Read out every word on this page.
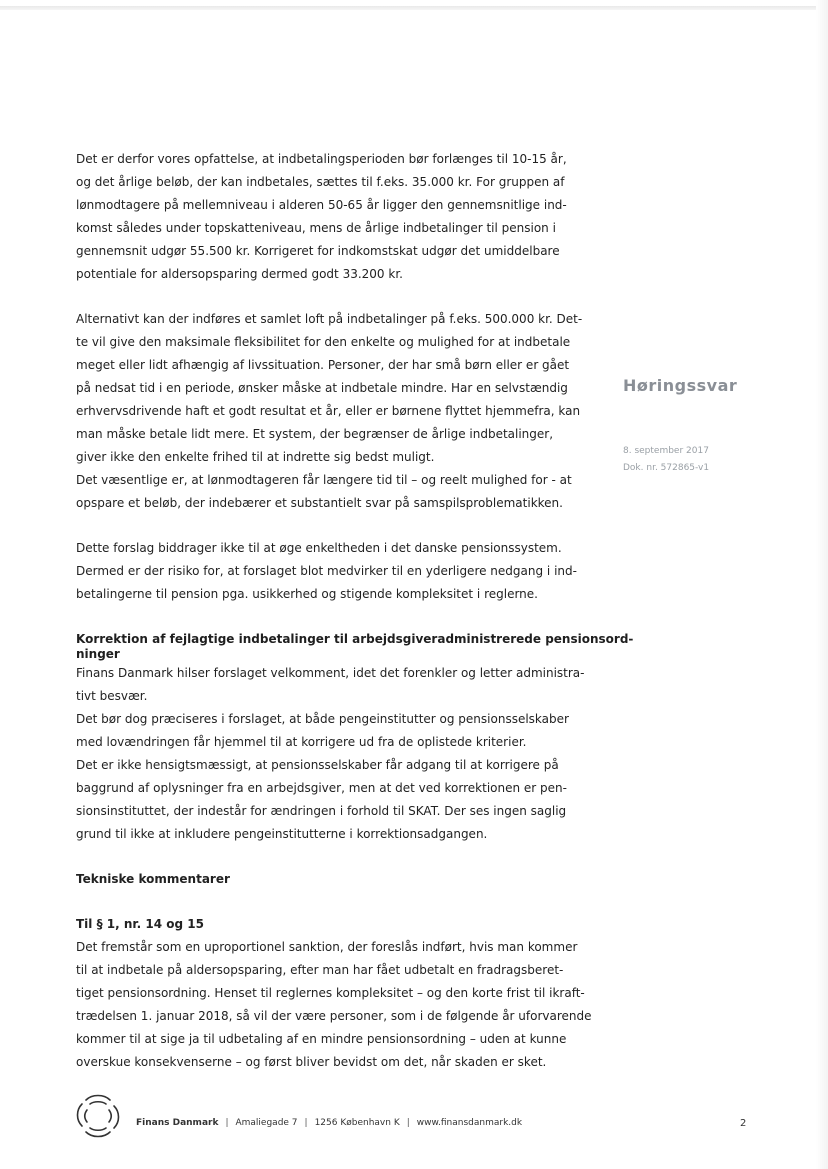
Det er derfor vores opfattelse, at indbetalingsperioden bør forlænges til 10-15 år,
og det årlige beløb, der kan indbetales, sættes til f.eks. 35.000 kr. For gruppen af
lønmodtagere på mellemniveau i alderen 50-65 år ligger den gennemsnitlige ind-
komst således under topskatteniveau, mens de årlige indbetalinger til pension i
gennemsnit udgør 55.500 kr. Korrigeret for indkomstskat udgør det umiddelbare
potentiale for aldersopsparing dermed godt 33.200 kr.
Alternativt kan der indføres et samlet loft på indbetalinger på f.eks. 500.000 kr. Det-
te vil give den maksimale fleksibilitet for den enkelte og mulighed for at indbetale
meget eller lidt afhængig af livssituation. Personer, der har små børn eller er gået
på nedsat tid i en periode, ønsker måske at indbetale mindre. Har en selvstændig
erhvervsdrivende haft et godt resultat et år, eller er børnene flyttet hjemmefra, kan
man måske betale lidt mere. Et system, der begrænser de årlige indbetalinger,
giver ikke den enkelte frihed til at indrette sig bedst muligt.
Det væsentlige er, at lønmodtageren får længere tid til – og reelt mulighed for - at
opspare et beløb, der indebærer et substantielt svar på samspilsproblematikken.
Dette forslag biddrager ikke til at øge enkeltheden i det danske pensionssystem.
Dermed er der risiko for, at forslaget blot medvirker til en yderligere nedgang i ind-
betalingerne til pension pga. usikkerhed og stigende kompleksitet i reglerne.
Korrektion af fejlagtige indbetalinger til arbejdsgiveradministrerede pensionsord-
ninger
Finans Danmark hilser forslaget velkomment, idet det forenkler og letter administra-
tivt besvær.
Det bør dog præciseres i forslaget, at både pengeinstitutter og pensionsselskaber
med lovændringen får hjemmel til at korrigere ud fra de oplistede kriterier.
Det er ikke hensigtsmæssigt, at pensionsselskaber får adgang til at korrigere på
baggrund af oplysninger fra en arbejdsgiver, men at det ved korrektionen er pen-
sionsinstituttet, der indestår for ændringen i forhold til SKAT. Der ses ingen saglig
grund til ikke at inkludere pengeinstitutterne i korrektionsadgangen.
Tekniske kommentarer
Til § 1, nr. 14 og 15
Det fremstår som en uproportionel sanktion, der foreslås indført, hvis man kommer
til at indbetale på aldersopsparing, efter man har fået udbetalt en fradragsberet-
tiget pensionsordning. Henset til reglernes kompleksitet – og den korte frist til ikraft-
trædelsen 1. januar 2018, så vil der være personer, som i de følgende år uforvarende
kommer til at sige ja til udbetaling af en mindre pensionsordning – uden at kunne
overskue konsekvenserne – og først bliver bevidst om det, når skaden er sket.
Høringssvar
8. september 2017
Dok. nr. 572865-v1
Finans Danmark | Amaliegade 7 | 1256 København K | www.finansdanmark.dk	2
